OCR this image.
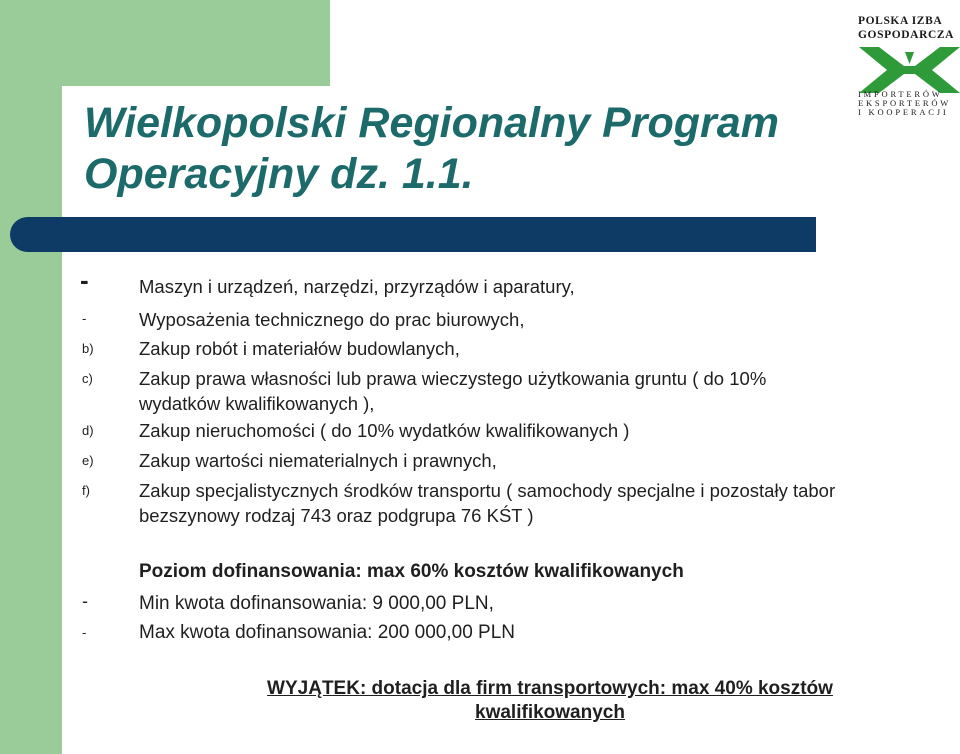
Wielkopolski Regionalny Program
Operacyjny dz. 1.1.
POLSKA IZBA
GOSPODARCZA
IMPORTERÓW
EKSPORTERÓW
I KOOPERACJI
-	Maszyn i urządzeń, narzędzi, przyrządów i aparatury,
-	Wyposażenia technicznego do prac biurowych,
b) Zakup robót i materiałów budowlanych,
c) Zakup prawa własności lub prawa wieczystego użytkowania gruntu ( do 10% wydatków kwalifikowanych ),
d) Zakup nieruchomości ( do 10% wydatków kwalifikowanych )
e) Zakup wartości niematerialnych i prawnych,
f)	Zakup specjalistycznych środków transportu ( samochody specjalne i pozostały tabor bezszynowy rodzaj 743 oraz podgrupa 76 KŚT )
Poziom dofinansowania: max 60% kosztów kwalifikowanych
-	Min kwota dofinansowania: 9 000,00 PLN,
-	Max kwota dofinansowania: 200 000,00 PLN
WYJĄTEK: dotacja dla firm transportowych: max 40% kosztów kwalifikowanych
